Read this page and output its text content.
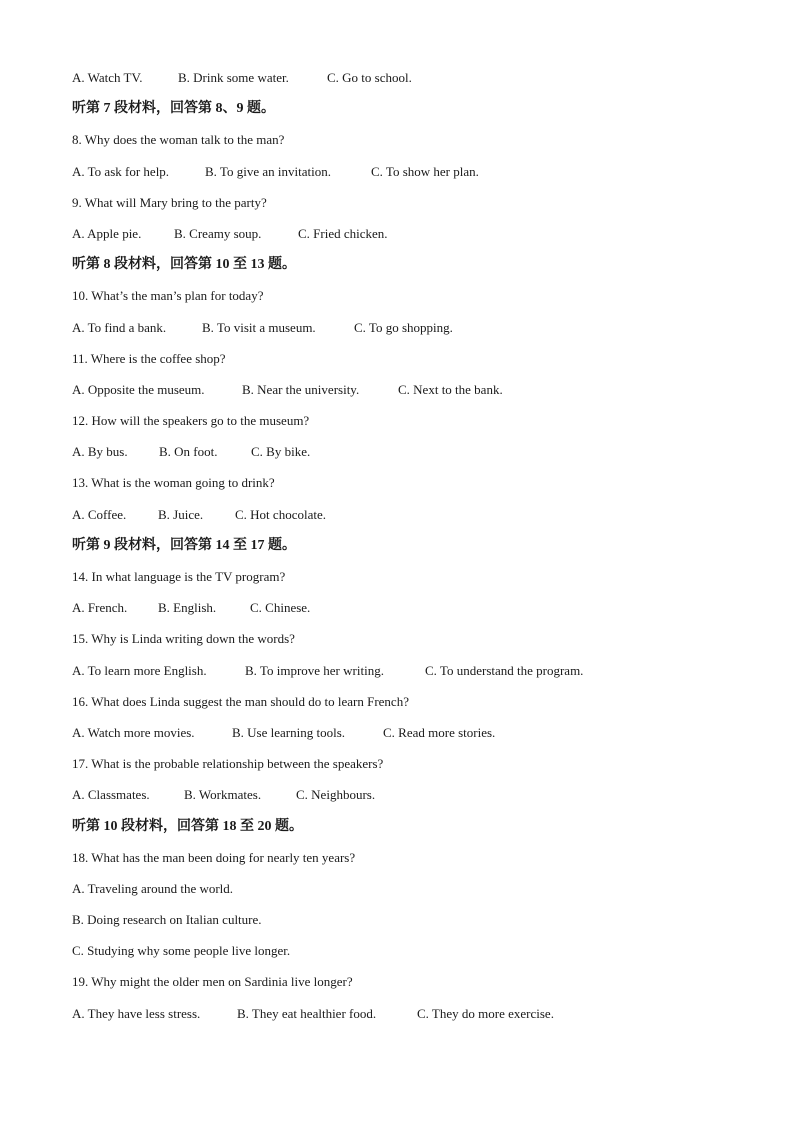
A. Watch TV.	B. Drink some water.	C. Go to school.
听第 7 段材料，回答第 8、9 题。
8. Why does the woman talk to the man?
A. To ask for help.	B. To give an invitation.	C. To show her plan.
9. What will Mary bring to the party?
A. Apple pie.	B. Creamy soup.	C. Fried chicken.
听第 8 段材料，回答第 10 至 13 题。
10. What’s the man’s plan for today?
A. To find a bank.	B. To visit a museum.	C. To go shopping.
11. Where is the coffee shop?
A. Opposite the museum.	B. Near the university.	C. Next to the bank.
12. How will the speakers go to the museum?
A. By bus. B. On foot.	C. By bike.
13. What is the woman going to drink?
A. Coffee. B. Juice. C. Hot chocolate.
听第 9 段材料，回答第 14 至 17 题。
14. In what language is the TV program?
A. French. B. English.	C. Chinese.
15. Why is Linda writing down the words?
A. To learn more English.	B. To improve her writing.	C. To understand the program.
16. What does Linda suggest the man should do to learn French?
A. Watch more movies.	B. Use learning tools.	C. Read more stories.
17. What is the probable relationship between the speakers?
A. Classmates.	B. Workmates.	C. Neighbours.
听第 10 段材料，回答第 18 至 20 题。
18. What has the man been doing for nearly ten years?
A. Traveling around the world.
B. Doing research on Italian culture.
C. Studying why some people live longer.
19. Why might the older men on Sardinia live longer?
A. They have less stress.	B. They eat healthier food.	C. They do more exercise.
